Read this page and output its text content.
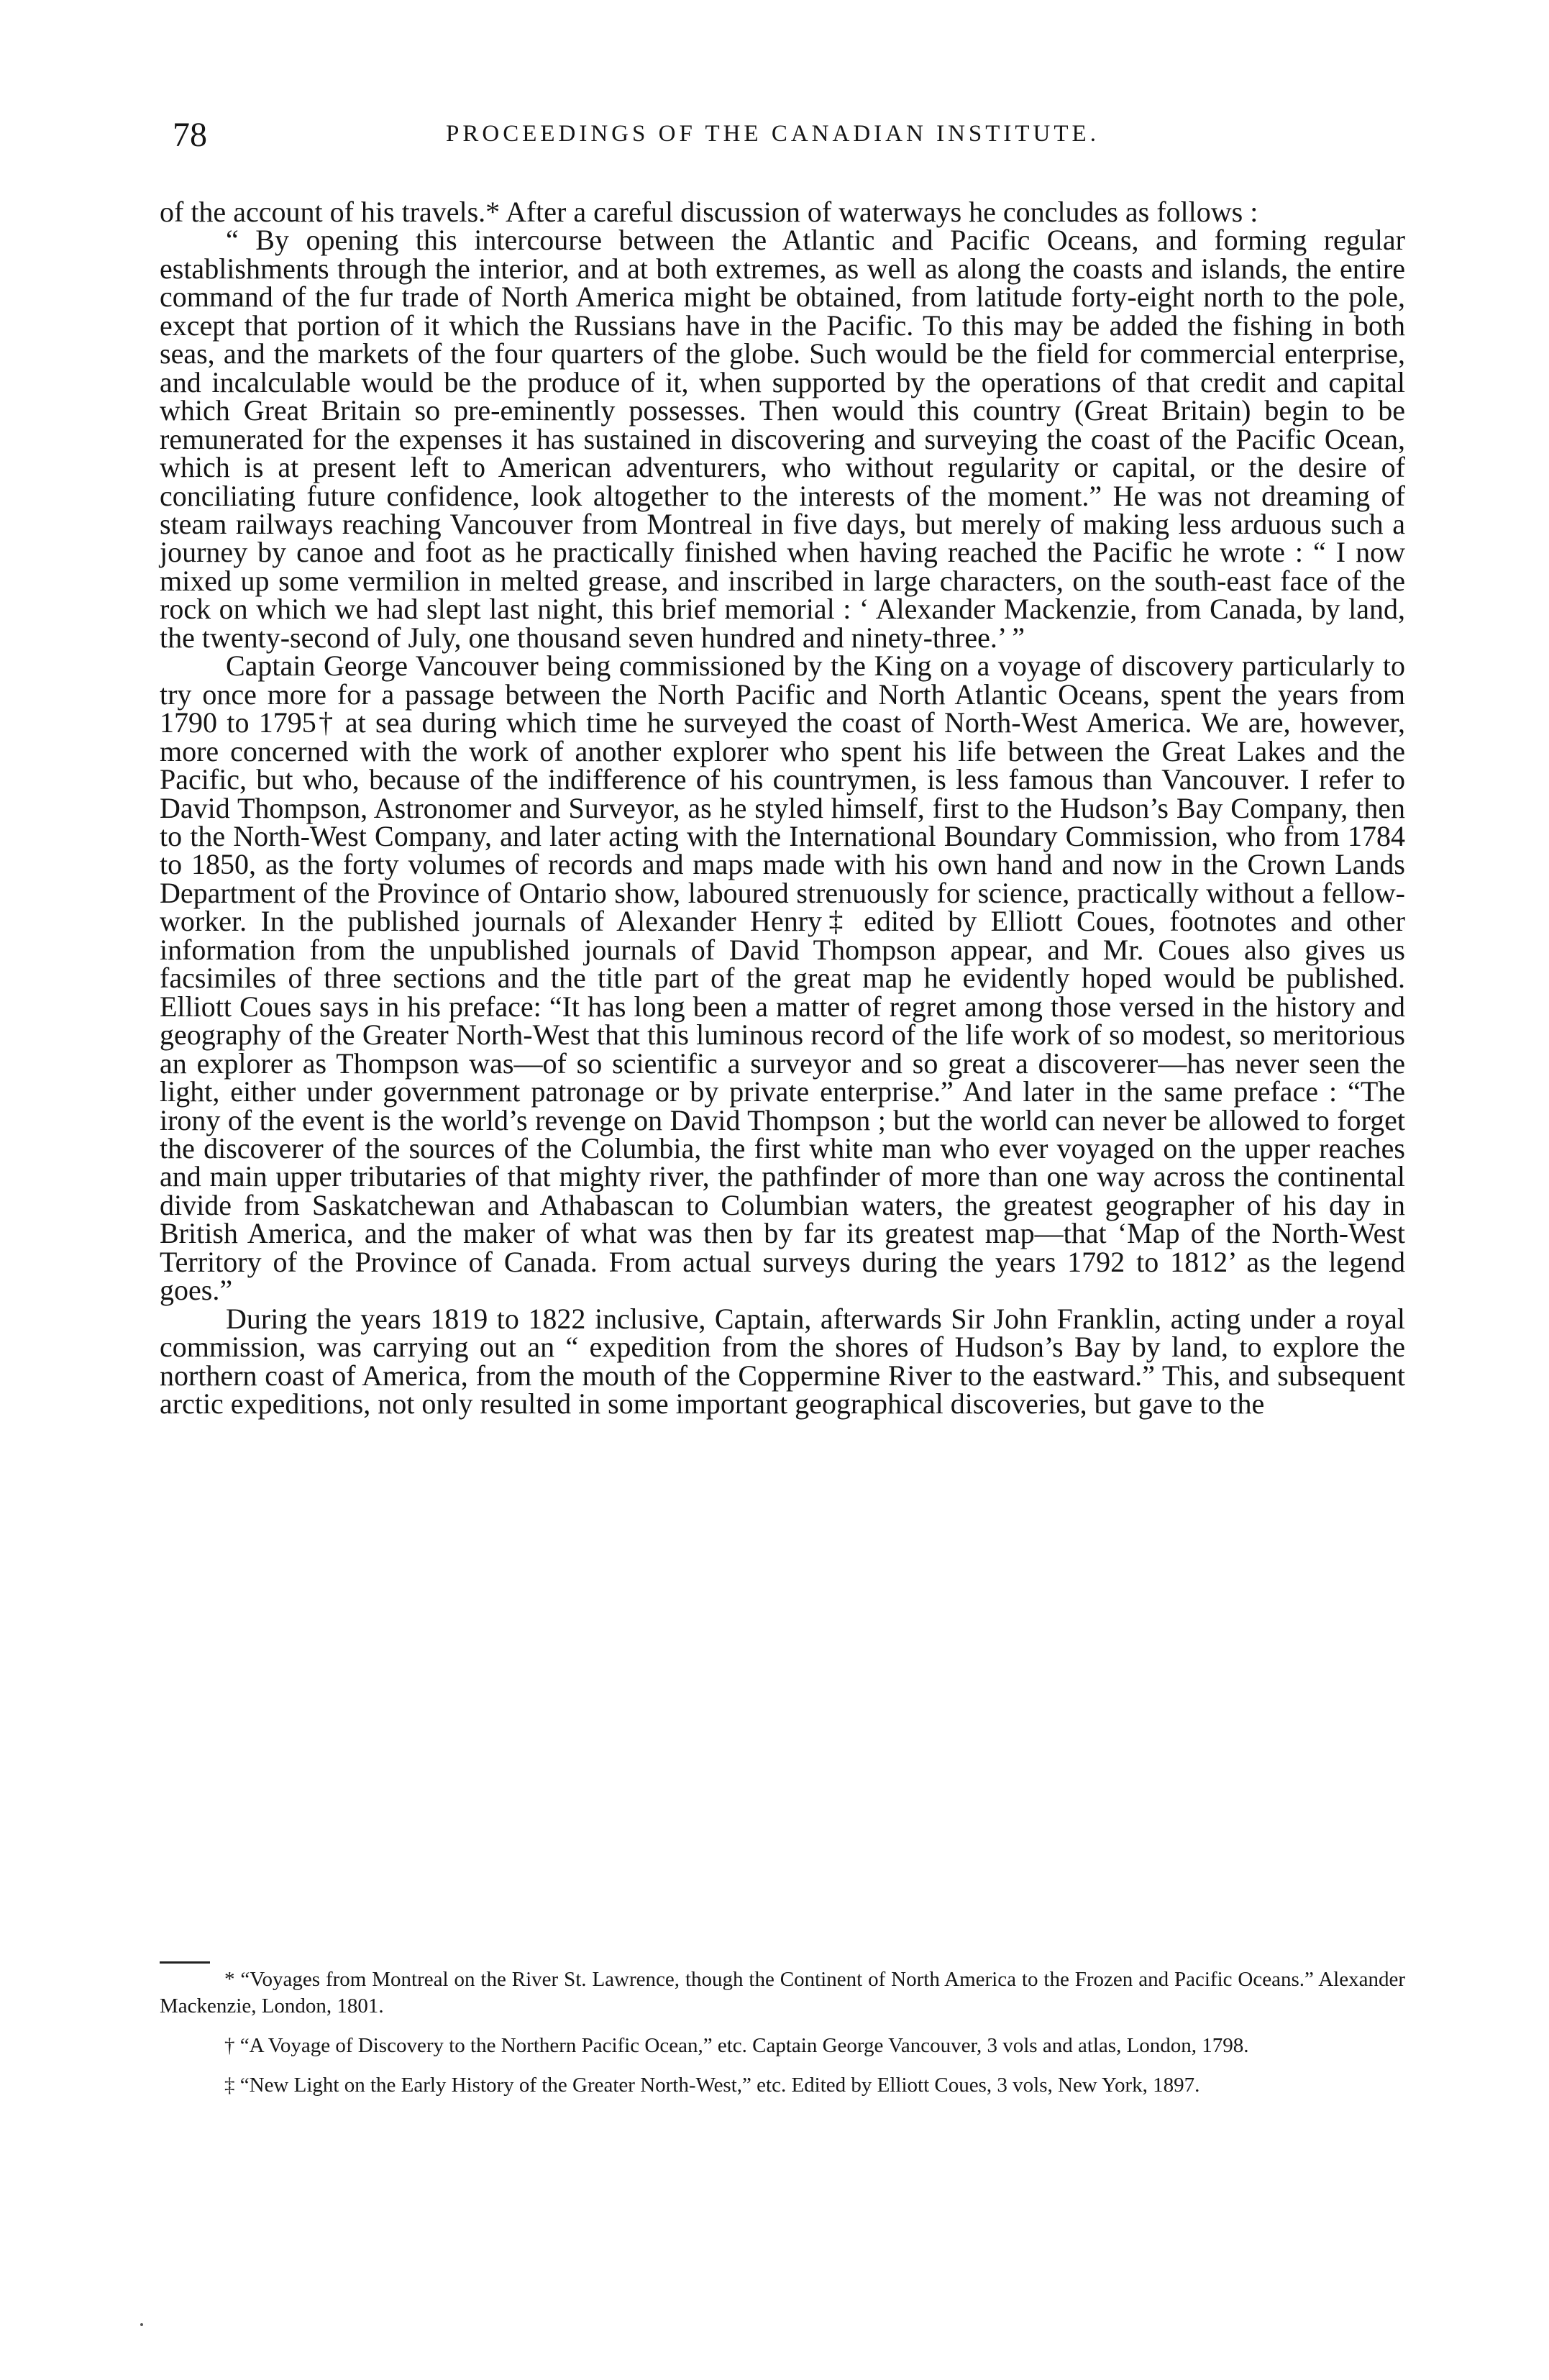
78	PROCEEDINGS OF THE CANADIAN INSTITUTE.

of the account of his travels.* After a careful discussion of waterways he concludes as follows :

“ By opening this intercourse between the Atlantic and Pacific Oceans, and forming regular establishments through the interior, and at both extremes, as well as along the coasts and islands, the entire command of the fur trade of North America might be obtained, from latitude forty-eight north to the pole, except that portion of it which the Russians have in the Pacific. To this may be added the fishing in both seas, and the markets of the four quarters of the globe. Such would be the field for commercial enterprise, and incalculable would be the produce of it, when supported by the operations of that credit and capital which Great Britain so pre-eminently possesses. Then would this country (Great Britain) begin to be remunerated for the expenses it has sustained in discovering and surveying the coast of the Pacific Ocean, which is at present left to American adventurers, who without regularity or capital, or the desire of conciliating future confidence, look altogether to the interests of the moment.” He was not dreaming of steam railways reaching Vancouver from Montreal in five days, but merely of making less arduous such a journey by canoe and foot as he practically finished when having reached the Pacific he wrote : “ I now mixed up some vermilion in melted grease, and inscribed in large characters, on the south-east face of the rock on which we had slept last night, this brief memorial : ‘ Alexander Mackenzie, from Canada, by land, the twenty-second of July, one thousand seven hundred and ninety-three.’ ”

Captain George Vancouver being commissioned by the King on a voyage of discovery particularly to try once more for a passage between the North Pacific and North Atlantic Oceans, spent the years from 1790 to 1795† at sea during which time he surveyed the coast of North-West America. We are, however, more concerned with the work of another explorer who spent his life between the Great Lakes and the Pacific, but who, because of the indifference of his countrymen, is less famous than Vancouver. I refer to David Thompson, Astronomer and Surveyor, as he styled himself, first to the Hudson’s Bay Company, then to the North-West Company, and later acting with the International Boundary Commission, who from 1784 to 1850, as the forty volumes of records and maps made with his own hand and now in the Crown Lands Department of the Province of Ontario show, laboured strenuously for science, practically without a fellow-worker. In the published journals of Alexander Henry‡ edited by Elliott Coues, footnotes and other information from the unpublished journals of David Thompson appear, and Mr. Coues also gives us facsimiles of three sections and the title part of the great map he evidently hoped would be published. Elliott Coues says in his preface: “It has long been a matter of regret among those versed in the history and geography of the Greater North-West that this luminous record of the life work of so modest, so meritorious an explorer as Thompson was—of so scientific a surveyor and so great a discoverer—has never seen the light, either under government patronage or by private enterprise.” And later in the same preface : “The irony of the event is the world’s revenge on David Thompson ; but the world can never be allowed to forget the discoverer of the sources of the Columbia, the first white man who ever voyaged on the upper reaches and main upper tributaries of that mighty river, the pathfinder of more than one way across the continental divide from Saskatchewan and Athabascan to Columbian waters, the greatest geographer of his day in British America, and the maker of what was then by far its greatest map—that ‘Map of the North-West Territory of the Province of Canada. From actual surveys during the years 1792 to 1812’ as the legend goes.”

During the years 1819 to 1822 inclusive, Captain, afterwards Sir John Franklin, acting under a royal commission, was carrying out an “ expedition from the shores of Hudson’s Bay by land, to explore the northern coast of America, from the mouth of the Coppermine River to the eastward.” This, and subsequent arctic expeditions, not only resulted in some important geographical discoveries, but gave to the

* “Voyages from Montreal on the River St. Lawrence, though the Continent of North America to the Frozen and Pacific Oceans.” Alexander Mackenzie, London, 1801.

† “A Voyage of Discovery to the Northern Pacific Ocean,” etc. Captain George Vancouver, 3 vols and atlas, London, 1798.

‡ “New Light on the Early History of the Greater North-West,” etc. Edited by Elliott Coues, 3 vols, New York, 1897.
